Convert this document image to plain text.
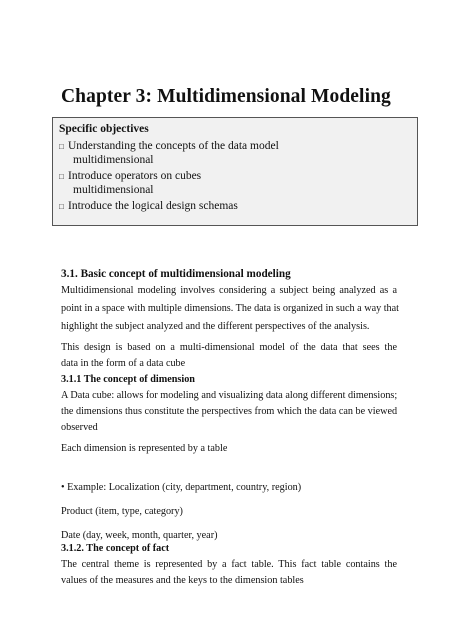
Chapter 3: Multidimensional Modeling
Specific objectives
□ Understanding the concepts of the data model
multidimensional
□ Introduce operators on cubes
multidimensional
□ Introduce the logical design schemas
3.1. Basic concept of multidimensional modeling
Multidimensional modeling involves considering a subject being analyzed as a
point in a space with multiple dimensions. The data is organized in such a way that
highlight the subject analyzed and the different perspectives of the analysis.
This design is based on a multi-dimensional model of the data that sees the
data in the form of a data cube
3.1.1 The concept of dimension
A Data cube: allows for modeling and visualizing data along different dimensions;
the dimensions thus constitute the perspectives from which the data can be viewed
observed
Each dimension is represented by a table
• Example: Localization (city, department, country, region)
Product (item, type, category)
Date (day, week, month, quarter, year)
3.1.2. The concept of fact
The central theme is represented by a fact table. This fact table contains the
values of the measures and the keys to the dimension tables
